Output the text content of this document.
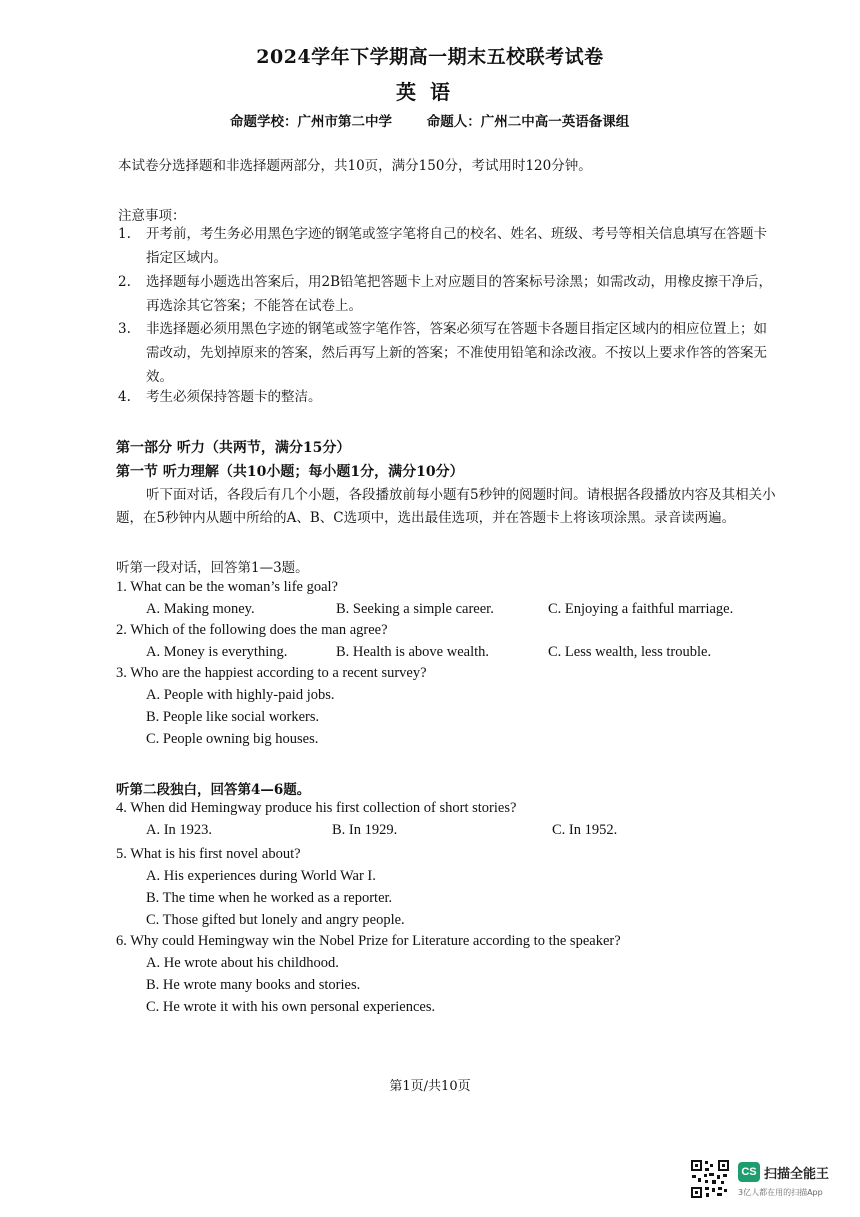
2024学年下学期高一期末五校联考试卷
英语
命题学校：广州市第二中学	命题人：广州二中高一英语备课组
本试卷分选择题和非选择题两部分，共10页，满分150分，考试用时120分钟。
注意事项：
1.	开考前，考生务必用黑色字迹的钢笔或签字笔将自己的校名、姓名、班级、考号等相关信息填写在答题卡指定区域内。
2.	选择题每小题选出答案后，用2B铅笔把答题卡上对应题目的答案标号涂黑；如需改动，用橡皮擦干净后，再选涂其它答案；不能答在试卷上。
3.	非选择题必须用黑色字迹的钢笔或签字笔作答，答案必须写在答题卡各题目指定区域内的相应位置上；如需改动，先划掉原来的答案，然后再写上新的答案；不准使用铅笔和涂改液。不按以上要求作答的答案无效。
4.	考生必须保持答题卡的整洁。
第一部分 听力（共两节，满分15分）
第一节 听力理解（共10小题；每小题1分，满分10分）
听下面对话，各段后有几个小题，各段播放前每小题有5秒钟的阅题时间。请根据各段播放内容及其相关小题，在5秒钟内从题中所给的A、B、C选项中，选出最佳选项，并在答题卡上将该项涂黑。录音读两遍。
听第一段对话，回答第1—3题。
1. What can be the woman’s life goal?
A. Making money.	B. Seeking a simple career.	C. Enjoying a faithful marriage.
2. Which of the following does the man agree?
A. Money is everything.	B. Health is above wealth.	C. Less wealth, less trouble.
3. Who are the happiest according to a recent survey?
A. People with highly-paid jobs.
B. People like social workers.
C. People owning big houses.
听第二段独白，回答第4—6题。
4. When did Hemingway produce his first collection of short stories?
A. In 1923.	B. In 1929.	C. In 1952.
5. What is his first novel about?
A. His experiences during World War I.
B. The time when he worked as a reporter.
C. Those gifted but lonely and angry people.
6. Why could Hemingway win the Nobel Prize for Literature according to the speaker?
A. He wrote about his childhood.
B. He wrote many books and stories.
C. He wrote it with his own personal experiences.
第1页/共10页
CS 扫描全能王
3亿人都在用的扫描App
